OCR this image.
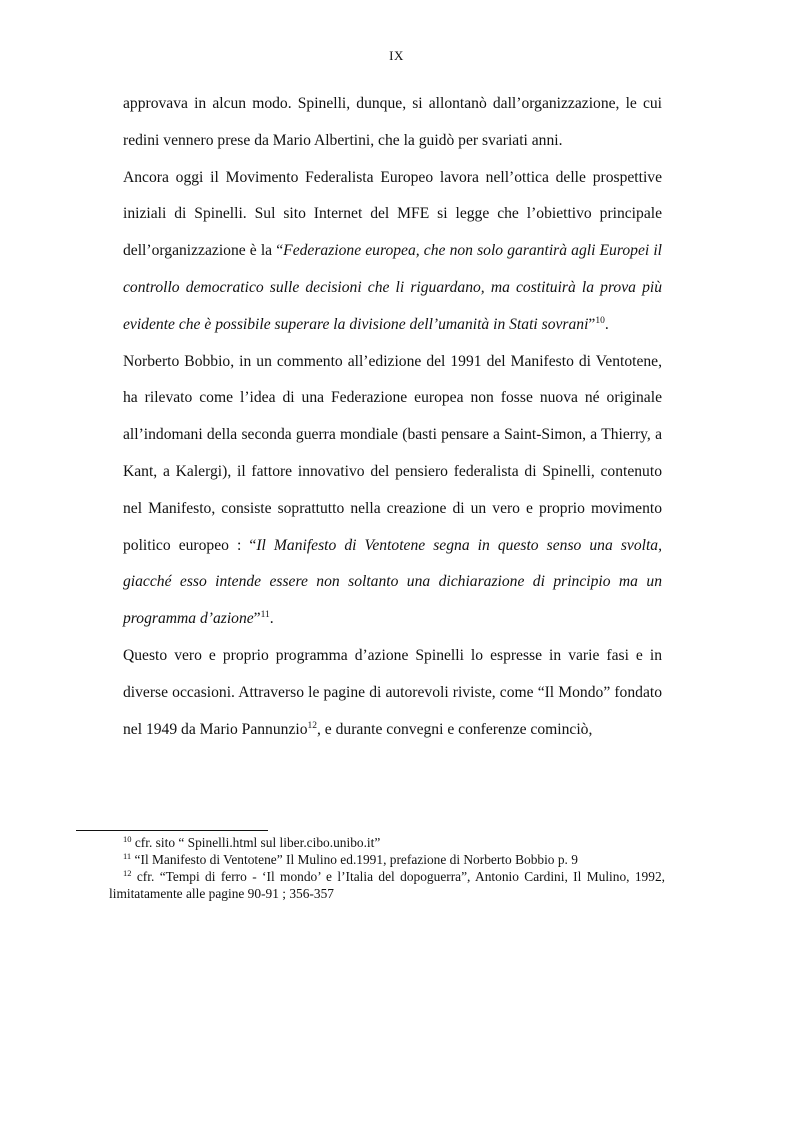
IX

approvava in alcun modo. Spinelli, dunque, si allontanò dall’organizzazione, le cui redini vennero prese da Mario Albertini, che la guidò per svariati anni.

Ancora oggi il Movimento Federalista Europeo lavora nell’ottica delle prospettive iniziali di Spinelli. Sul sito Internet del MFE si legge che l’obiettivo principale dell’organizzazione è la “Federazione europea, che non solo garantirà agli Europei il controllo democratico sulle decisioni che li riguardano, ma costituirà la prova più evidente che è possibile superare la divisione dell’umanità in Stati sovrani”$^{10}$.

Norberto Bobbio, in un commento all’edizione del 1991 del Manifesto di Ventotene, ha rilevato come l’idea di una Federazione europea non fosse nuova né originale all’indomani della seconda guerra mondiale (basti pensare a Saint-Simon, a Thierry, a Kant, a Kalergi), il fattore innovativo del pensiero federalista di Spinelli, contenuto nel Manifesto, consiste soprattutto nella creazione di un vero e proprio movimento politico europeo : “Il Manifesto di Ventotene segna in questo senso una svolta, giacché esso intende essere non soltanto una dichiarazione di principio ma un programma d’azione”$^{11}$.

Questo vero e proprio programma d’azione Spinelli lo espresse in varie fasi e in diverse occasioni. Attraverso le pagine di autorevoli riviste, come “Il Mondo” fondato nel 1949 da Mario Pannunzio$^{12}$, e durante convegni e conferenze cominciò,

$^{10}$ cfr. sito “ Spinelli.html sul liber.cibo.unibo.it”

$^{11}$ “Il Manifesto di Ventotene” Il Mulino ed.1991, prefazione di Norberto Bobbio p. 9

$^{12}$ cfr. “Tempi di ferro - ‘Il mondo’ e l’Italia del dopoguerra”, Antonio Cardini, Il Mulino, 1992, limitatamente alle pagine 90-91 ; 356-357
